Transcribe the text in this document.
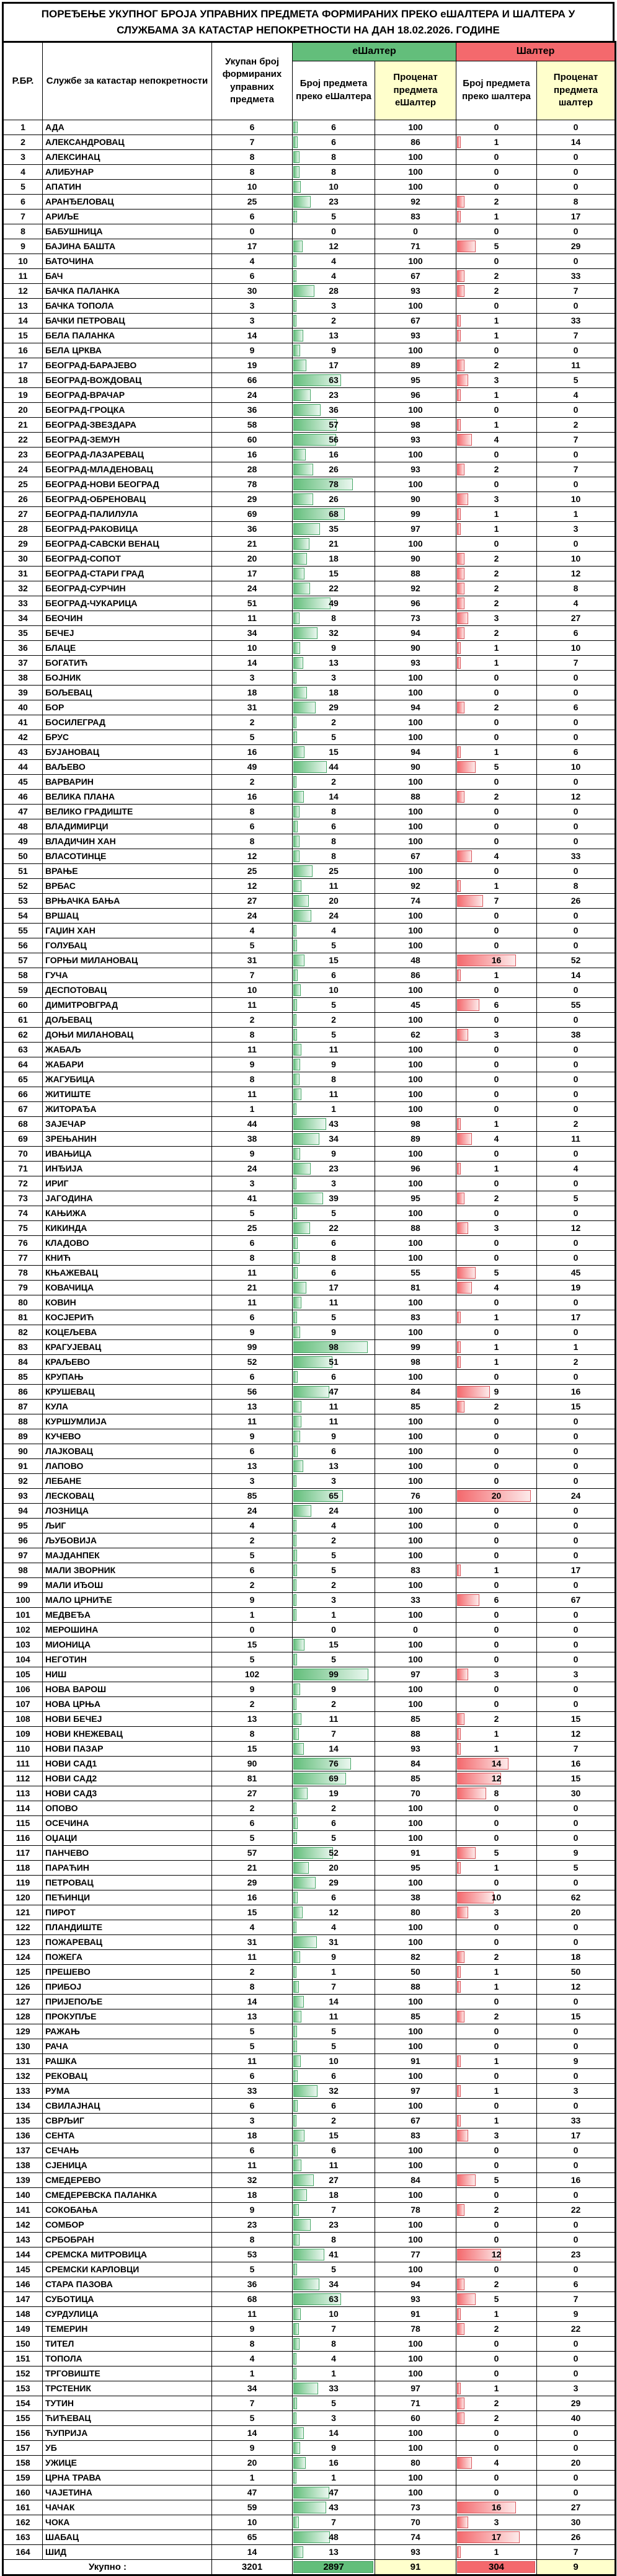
ПОРЕЂЕЊЕ УКУПНОГ БРОЈА УПРАВНИХ ПРЕДМЕТА ФОРМИРАНИХ ПРЕКО еШАЛТЕРА И ШАЛТЕРА У СЛУЖБАМА ЗА КАТАСТАР НЕПОКРЕТНОСТИ НА ДАН 18.02.2026. ГОДИНЕ
Р.БР.	Службе за катастар непокретности	Укупан број формираних управних предмета	еШалтер		Шалтер	
			Број предмета преко еШалтера	Проценат предмета еШалтер	Број предмета преко шалтера	Проценат предмета шалтер
1	АДА	6	6	100	0	0
2	АЛЕКСАНДРОВАЦ	7	6	86	1	14
3	АЛЕКСИНАЦ	8	8	100	0	0
4	АЛИБУНАР	8	8	100	0	0
5	АПАТИН	10	10	100	0	0
6	АРАНЂЕЛОВАЦ	25	23	92	2	8
7	АРИЉЕ	6	5	83	1	17
8	БАБУШНИЦА	0	0	0	0	0
9	БАЈИНА БАШТА	17	12	71	5	29
10	БАТОЧИНА	4	4	100	0	0
11	БАЧ	6	4	67	2	33
12	БАЧКА ПАЛАНКА	30	28	93	2	7
13	БАЧКА ТОПОЛА	3	3	100	0	0
14	БАЧКИ ПЕТРОВАЦ	3	2	67	1	33
15	БЕЛА ПАЛАНКА	14	13	93	1	7
16	БЕЛА ЦРКВА	9	9	100	0	0
17	БЕОГРАД-БАРАЈЕВО	19	17	89	2	11
18	БЕОГРАД-ВОЖДОВАЦ	66	63	95	3	5
19	БЕОГРАД-ВРАЧАР	24	23	96	1	4
20	БЕОГРАД-ГРОЦКА	36	36	100	0	0
21	БЕОГРАД-ЗВЕЗДАРА	58	57	98	1	2
22	БЕОГРАД-ЗЕМУН	60	56	93	4	7
23	БЕОГРАД-ЛАЗАРЕВАЦ	16	16	100	0	0
24	БЕОГРАД-МЛАДЕНОВАЦ	28	26	93	2	7
25	БЕОГРАД-НОВИ БЕОГРАД	78	78	100	0	0
26	БЕОГРАД-ОБРЕНОВАЦ	29	26	90	3	10
27	БЕОГРАД-ПАЛИЛУЛА	69	68	99	1	1
28	БЕОГРАД-РАКОВИЦА	36	35	97	1	3
29	БЕОГРАД-САВСКИ ВЕНАЦ	21	21	100	0	0
30	БЕОГРАД-СОПОТ	20	18	90	2	10
31	БЕОГРАД-СТАРИ ГРАД	17	15	88	2	12
32	БЕОГРАД-СУРЧИН	24	22	92	2	8
33	БЕОГРАД-ЧУКАРИЦА	51	49	96	2	4
34	БЕОЧИН	11	8	73	3	27
35	БЕЧЕЈ	34	32	94	2	6
36	БЛАЦЕ	10	9	90	1	10
37	БОГАТИЋ	14	13	93	1	7
38	БОЈНИК	3	3	100	0	0
39	БОЉЕВАЦ	18	18	100	0	0
40	БОР	31	29	94	2	6
41	БОСИЛЕГРАД	2	2	100	0	0
42	БРУС	5	5	100	0	0
43	БУЈАНОВАЦ	16	15	94	1	6
44	ВАЉЕВО	49	44	90	5	10
45	ВАРВАРИН	2	2	100	0	0
46	ВЕЛИКА ПЛАНА	16	14	88	2	12
47	ВЕЛИКО ГРАДИШТЕ	8	8	100	0	0
48	ВЛАДИМИРЦИ	6	6	100	0	0
49	ВЛАДИЧИН ХАН	8	8	100	0	0
50	ВЛАСОТИНЦЕ	12	8	67	4	33
51	ВРАЊЕ	25	25	100	0	0
52	ВРБАС	12	11	92	1	8
53	ВРЊАЧКА БАЊА	27	20	74	7	26
54	ВРШАЦ	24	24	100	0	0
55	ГАЏИН ХАН	4	4	100	0	0
56	ГОЛУБАЦ	5	5	100	0	0
57	ГОРЊИ МИЛАНОВАЦ	31	15	48	16	52
58	ГУЧА	7	6	86	1	14
59	ДЕСПОТОВАЦ	10	10	100	0	0
60	ДИМИТРОВГРАД	11	5	45	6	55
61	ДОЉЕВАЦ	2	2	100	0	0
62	ДОЊИ МИЛАНОВАЦ	8	5	62	3	38
63	ЖАБАЉ	11	11	100	0	0
64	ЖАБАРИ	9	9	100	0	0
65	ЖАГУБИЦА	8	8	100	0	0
66	ЖИТИШТЕ	11	11	100	0	0
67	ЖИТОРАЂА	1	1	100	0	0
68	ЗАЈЕЧАР	44	43	98	1	2
69	ЗРЕЊАНИН	38	34	89	4	11
70	ИВАЊИЦА	9	9	100	0	0
71	ИНЂИЈА	24	23	96	1	4
72	ИРИГ	3	3	100	0	0
73	ЈАГОДИНА	41	39	95	2	5
74	КАЊИЖА	5	5	100	0	0
75	КИКИНДА	25	22	88	3	12
76	КЛАДОВО	6	6	100	0	0
77	КНИЋ	8	8	100	0	0
78	КЊАЖЕВАЦ	11	6	55	5	45
79	КОВАЧИЦА	21	17	81	4	19
80	КОВИН	11	11	100	0	0
81	КОСЈЕРИЋ	6	5	83	1	17
82	КОЦЕЉЕВА	9	9	100	0	0
83	КРАГУЈЕВАЦ	99	98	99	1	1
84	КРАЉЕВО	52	51	98	1	2
85	КРУПАЊ	6	6	100	0	0
86	КРУШЕВАЦ	56	47	84	9	16
87	КУЛА	13	11	85	2	15
88	КУРШУМЛИЈА	11	11	100	0	0
89	КУЧЕВО	9	9	100	0	0
90	ЛАЈКОВАЦ	6	6	100	0	0
91	ЛАПОВО	13	13	100	0	0
92	ЛЕБАНЕ	3	3	100	0	0
93	ЛЕСКОВАЦ	85	65	76	20	24
94	ЛОЗНИЦА	24	24	100	0	0
95	ЉИГ	4	4	100	0	0
96	ЉУБОВИЈА	2	2	100	0	0
97	МАЈДАНПЕК	5	5	100	0	0
98	МАЛИ ЗВОРНИК	6	5	83	1	17
99	МАЛИ ИЂОШ	2	2	100	0	0
100	МАЛО ЦРНИЋЕ	9	3	33	6	67
101	МЕДВЕЂА	1	1	100	0	0
102	МЕРОШИНА	0	0	0	0	0
103	МИОНИЦА	15	15	100	0	0
104	НЕГОТИН	5	5	100	0	0
105	НИШ	102	99	97	3	3
106	НОВА ВАРОШ	9	9	100	0	0
107	НОВА ЦРЊА	2	2	100	0	0
108	НОВИ БЕЧЕЈ	13	11	85	2	15
109	НОВИ КНЕЖЕВАЦ	8	7	88	1	12
110	НОВИ ПАЗАР	15	14	93	1	7
111	НОВИ САД1	90	76	84	14	16
112	НОВИ САД2	81	69	85	12	15
113	НОВИ САД3	27	19	70	8	30
114	ОПОВО	2	2	100	0	0
115	ОСЕЧИНА	6	6	100	0	0
116	ОЏАЦИ	5	5	100	0	0
117	ПАНЧЕВО	57	52	91	5	9
118	ПАРАЋИН	21	20	95	1	5
119	ПЕТРОВАЦ	29	29	100	0	0
120	ПЕЋИНЦИ	16	6	38	10	62
121	ПИРОТ	15	12	80	3	20
122	ПЛАНДИШТЕ	4	4	100	0	0
123	ПОЖАРЕВАЦ	31	31	100	0	0
124	ПОЖЕГА	11	9	82	2	18
125	ПРЕШЕВО	2	1	50	1	50
126	ПРИБОЈ	8	7	88	1	12
127	ПРИЈЕПОЉЕ	14	14	100	0	0
128	ПРОКУПЉЕ	13	11	85	2	15
129	РАЖАЊ	5	5	100	0	0
130	РАЧА	5	5	100	0	0
131	РАШКА	11	10	91	1	9
132	РЕКОВАЦ	6	6	100	0	0
133	РУМА	33	32	97	1	3
134	СВИЛАЈНАЦ	6	6	100	0	0
135	СВРЉИГ	3	2	67	1	33
136	СЕНТА	18	15	83	3	17
137	СЕЧАЊ	6	6	100	0	0
138	СЈЕНИЦА	11	11	100	0	0
139	СМЕДЕРЕВО	32	27	84	5	16
140	СМЕДЕРЕВСКА ПАЛАНКА	18	18	100	0	0
141	СОКОБАЊА	9	7	78	2	22
142	СОМБОР	23	23	100	0	0
143	СРБОБРАН	8	8	100	0	0
144	СРЕМСКА МИТРОВИЦА	53	41	77	12	23
145	СРЕМСКИ КАРЛОВЦИ	5	5	100	0	0
146	СТАРА ПАЗОВА	36	34	94	2	6
147	СУБОТИЦА	68	63	93	5	7
148	СУРДУЛИЦА	11	10	91	1	9
149	ТЕМЕРИН	9	7	78	2	22
150	ТИТЕЛ	8	8	100	0	0
151	ТОПОЛА	4	4	100	0	0
152	ТРГОВИШТЕ	1	1	100	0	0
153	ТРСТЕНИК	34	33	97	1	3
154	ТУТИН	7	5	71	2	29
155	ЋИЋЕВАЦ	5	3	60	2	40
156	ЋУПРИЈА	14	14	100	0	0
157	УБ	9	9	100	0	0
158	УЖИЦЕ	20	16	80	4	20
159	ЦРНА ТРАВА	1	1	100	0	0
160	ЧАЈЕТИНА	47	47	100	0	0
161	ЧАЧАК	59	43	73	16	27
162	ЧОКА	10	7	70	3	30
163	ШАБАЦ	65	48	74	17	26
164	ШИД	14	13	93	1	7
Укупно :		3201	2897	91	304	9
